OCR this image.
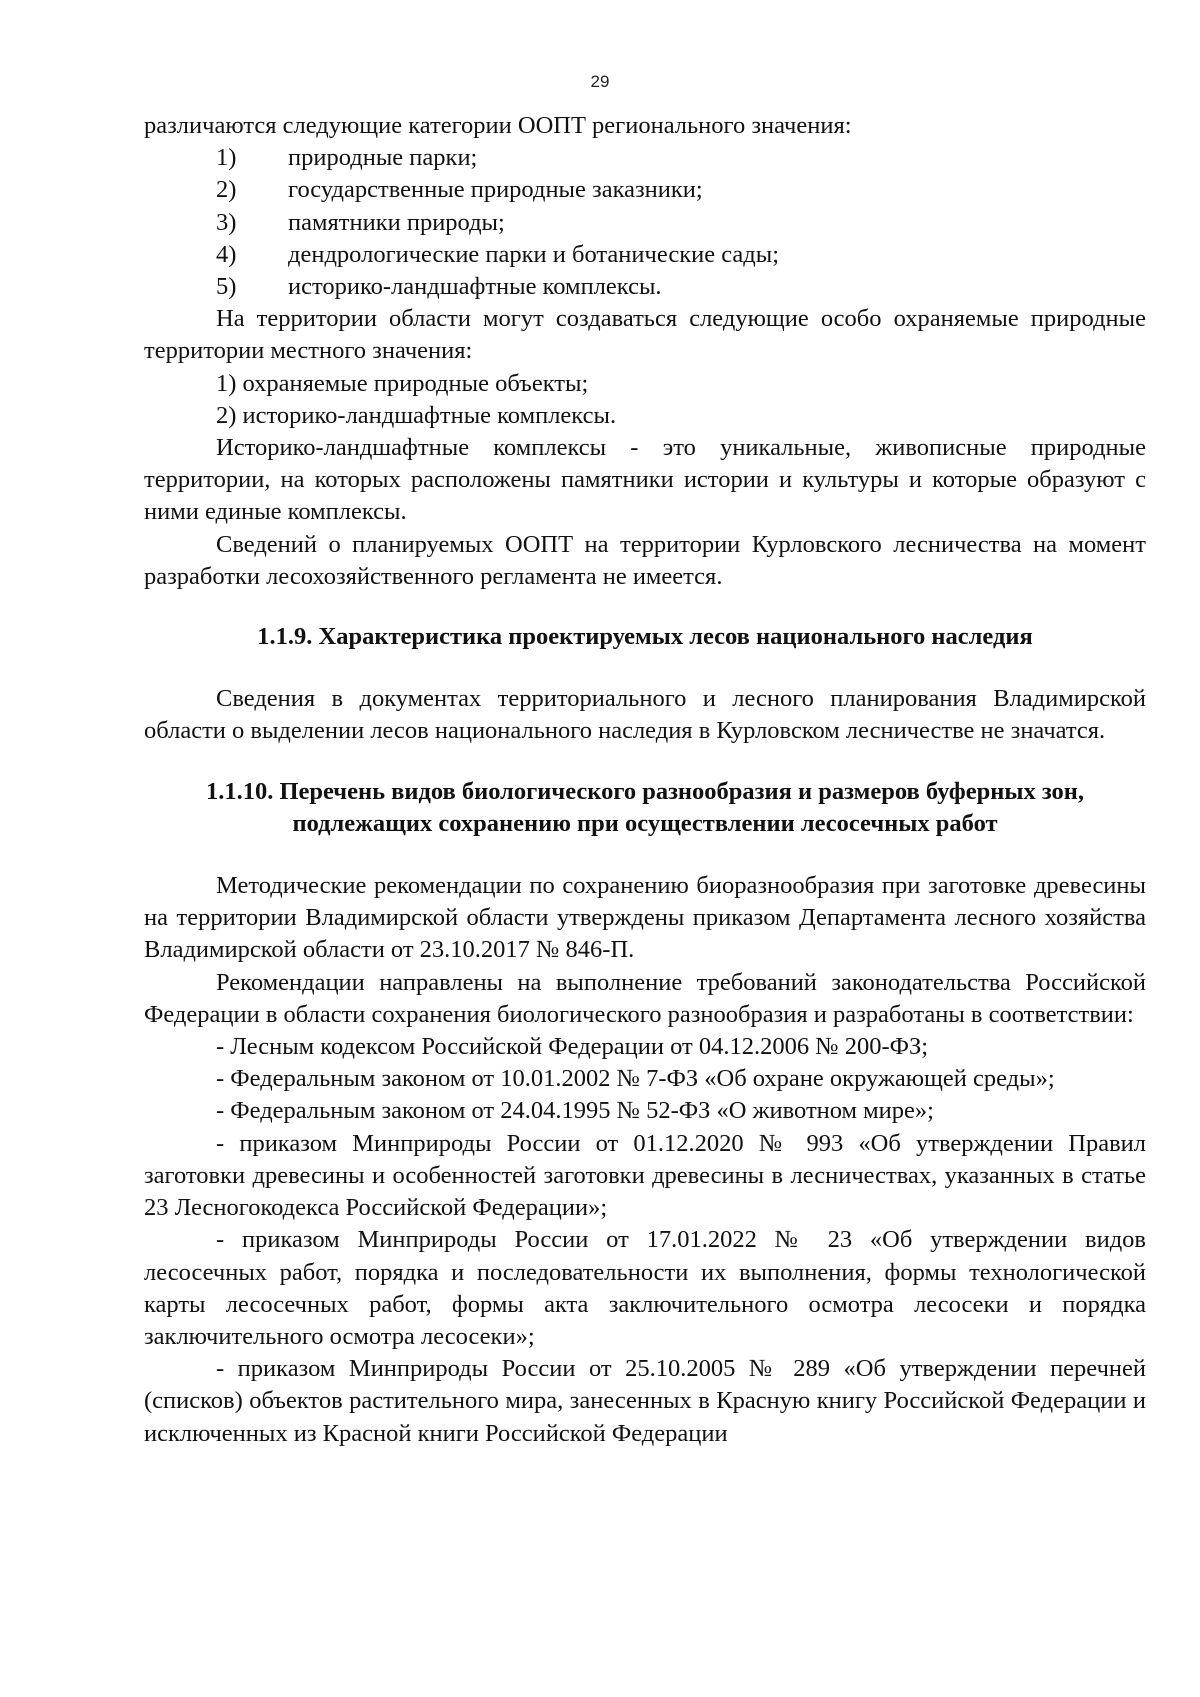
29

различаются следующие категории ООПТ регионального значения:

1) природные парки;

2) государственные природные заказники;

3) памятники природы;

4) дендрологические парки и ботанические сады;

5) историко-ландшафтные комплексы.

На территории области могут создаваться следующие особо охраняемые природные территории местного значения:

1) охраняемые природные объекты;

2) историко-ландшафтные комплексы.

Историко-ландшафтные комплексы - это уникальные, живописные природные территории, на которых расположены памятники истории и культуры и которые образуют с ними единые комплексы.

Сведений о планируемых ООПТ на территории Курловского лесничества на момент разработки лесохозяйственного регламента не имеется.

1.1.9. Характеристика проектируемых лесов национального наследия

Сведения в документах территориального и лесного планирования Владимирской области о выделении лесов национального наследия в Курловском лесничестве не значатся.

1.1.10. Перечень видов биологического разнообразия и размеров буферных зон, подлежащих сохранению при осуществлении лесосечных работ

Методические рекомендации по сохранению биоразнообразия при заготовке древесины на территории Владимирской области утверждены приказом Департамента лесного хозяйства Владимирской области от 23.10.2017 № 846-П.

Рекомендации направлены на выполнение требований законодательства Российской Федерации в области сохранения биологического разнообразия и разработаны в соответствии:

- Лесным кодексом Российской Федерации от 04.12.2006 № 200-ФЗ;

- Федеральным законом от 10.01.2002 № 7-ФЗ «Об охране окружающей среды»;

- Федеральным законом от 24.04.1995 № 52-ФЗ «О животном мире»;

- приказом Минприроды России от 01.12.2020 № 993 «Об утверждении Правил заготовки древесины и особенностей заготовки древесины в лесничествах, указанных в статье 23 Лесногокодекса Российской Федерации»;

- приказом Минприроды России от 17.01.2022 № 23 «Об утверждении видов лесосечных работ, порядка и последовательности их выполнения, формы технологической карты лесосечных работ, формы акта заключительного осмотра лесосеки и порядка заключительного осмотра лесосеки»;

- приказом Минприроды России от 25.10.2005 № 289 «Об утверждении перечней (списков) объектов растительного мира, занесенных в Красную книгу Российской Федерации и исключенных из Красной книги Российской Федерации
